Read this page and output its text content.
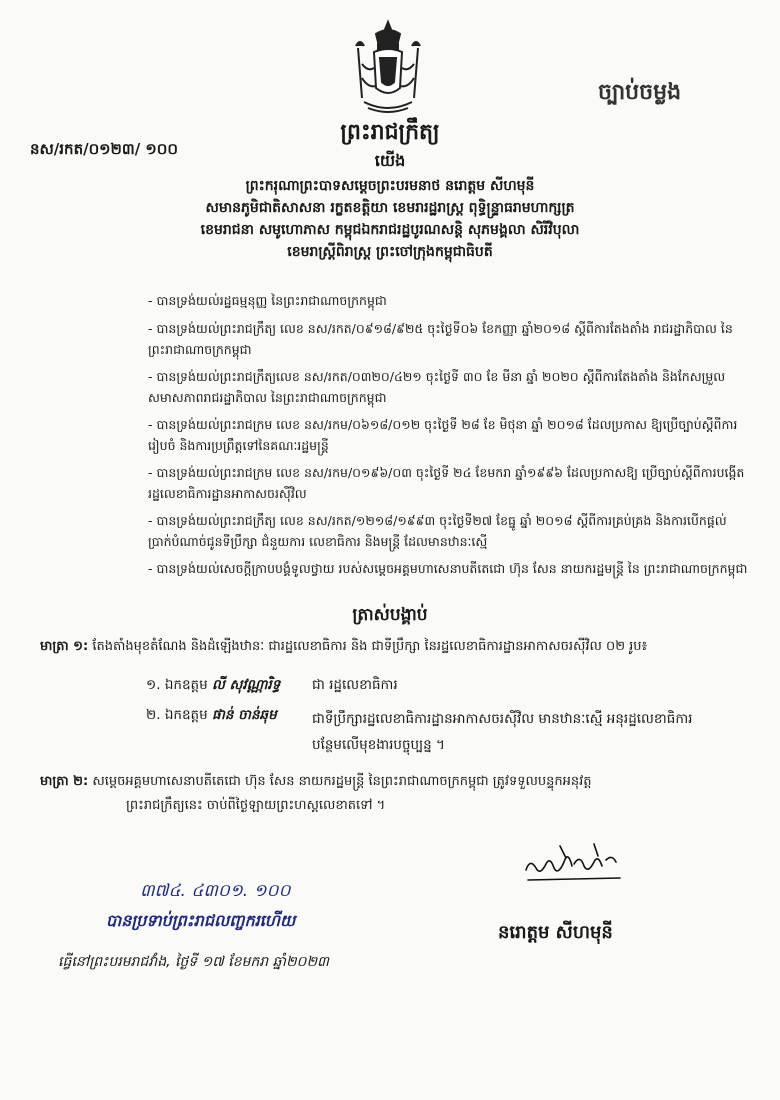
ច្បាប់ចម្លង
នស/រកត/០១២៣/ ១០០
ព្រះរាជក្រឹត្យ
យើង
ព្រះករុណាព្រះបាទសម្តេចព្រះបរមនាថ នរោត្តម សីហមុនី
សមានភូមិជាតិសាសនា រក្ខតខត្តិយា ខេមរារដ្ឋរាស្ត្រ ពុទ្ធិន្ទ្រាធរាមហាក្សត្រ
ខេមរាជនា សមូហោភាស កម្ពុជឯករាជរដ្ឋបូរណសន្តិ សុភមង្គលា សិរីវិបុលា
ខេមរាស្ត្រីពិរាស្ត្រ ព្រះចៅក្រុងកម្ពុជាធិបតី
- បានទ្រង់យល់រដ្ឋធម្មនុញ្ញ នៃព្រះរាជាណាចក្រកម្ពុជា
- បានទ្រង់យល់ព្រះរាជក្រឹត្យ លេខ នស/រកត/០៩១៨/៩២៥ ចុះថ្ងៃទី០៦ ខែកញ្ញា ឆ្នាំ២០១៨ ស្តីពីការតែងតាំង រាជរដ្ឋាភិបាល នៃព្រះរាជាណាចក្រកម្ពុជា
- បានទ្រង់យល់ព្រះរាជក្រឹត្យលេខ នស/រកត/០៣២០/៤២១ ចុះថ្ងៃទី ៣០ ខែ មីនា ឆ្នាំ ២០២០ ស្តីពីការតែងតាំង និងកែសម្រួលសមាសភាពរាជរដ្ឋាភិបាល នៃព្រះរាជាណាចក្រកម្ពុជា
- បានទ្រង់យល់ព្រះរាជក្រម លេខ នស/រកម/០៦១៨/០១២ ចុះថ្ងៃទី ២៨ ខែ មិថុនា ឆ្នាំ ២០១៨ ដែលប្រកាស ឱ្យប្រើច្បាប់ស្តីពីការរៀបចំ និងការប្រព្រឹត្តទៅនៃគណៈរដ្ឋមន្ត្រី
- បានទ្រង់យល់ព្រះរាជក្រម លេខ នស/រកម/០១៩៦/០៣ ចុះថ្ងៃទី ២៤ ខែមករា ឆ្នាំ១៩៩៦ ដែលប្រកាសឱ្យ ប្រើច្បាប់ស្តីពីការបង្កើតរដ្ឋលេខាធិការដ្ឋានអាកាសចរស៊ីវិល
- បានទ្រង់យល់ព្រះរាជក្រឹត្យ លេខ នស/រកត/១២១៨/១៩៩៣ ចុះថ្ងៃទី២៧ ខែធ្នូ ឆ្នាំ ២០១៨ ស្តីពីការគ្រប់គ្រង និងការបើកផ្តល់ប្រាក់បំណាច់ជូនទីប្រឹក្សា ជំនួយការ លេខាធិការ និងមន្ត្រី ដែលមានឋានៈស្មើ
- បានទ្រង់យល់សេចក្តីក្រាបបង្គំទូលថ្វាយ របស់សម្តេចអគ្គមហាសេនាបតីតេជោ ហ៊ុន សែន នាយករដ្ឋមន្ត្រី នៃ ព្រះរាជាណាចក្រកម្ពុជា
ត្រាស់បង្គាប់
មាត្រា ១: តែងតាំងមុខតំណែង និងដំឡើងឋានៈ ជារដ្ឋលេខាធិការ និង ជាទីប្រឹក្សា នៃរដ្ឋលេខាធិការដ្ឋានអាកាសចរស៊ីវិល ០២ រូប៖
១. ឯកឧត្តម លី សុវណ្ណារិទ្ធ ជា រដ្ឋលេខាធិការ
២. ឯកឧត្តម ផាន់ ចាន់ឆុម	ជាទីប្រឹក្សារដ្ឋលេខាធិការដ្ឋានអាកាសចរស៊ីវិល មានឋានៈស្មើ អនុរដ្ឋលេខាធិការ
បន្ថែមលើមុខងារបច្ចុប្បន្ន ។
មាត្រា ២: សម្តេចអគ្គមហាសេនាបតីតេជោ ហ៊ុន សែន នាយករដ្ឋមន្ត្រី នៃព្រះរាជាណាចក្រកម្ពុជា ត្រូវទទួលបន្ទុកអនុវត្ត
ព្រះរាជក្រឹត្យនេះ ចាប់ពីថ្ងៃឡាយព្រះហស្តលេខាតទៅ ។
នរោត្តម សីហមុនី
៣៧៤. ៤៣០១. ១០០
បានប្រទាប់ព្រះរាជលញ្ចករហើយ
ធ្វើនៅព្រះបរមរាជវាំង, ថ្ងៃទី ១៧ ខែមករា ឆ្នាំ២០២៣
